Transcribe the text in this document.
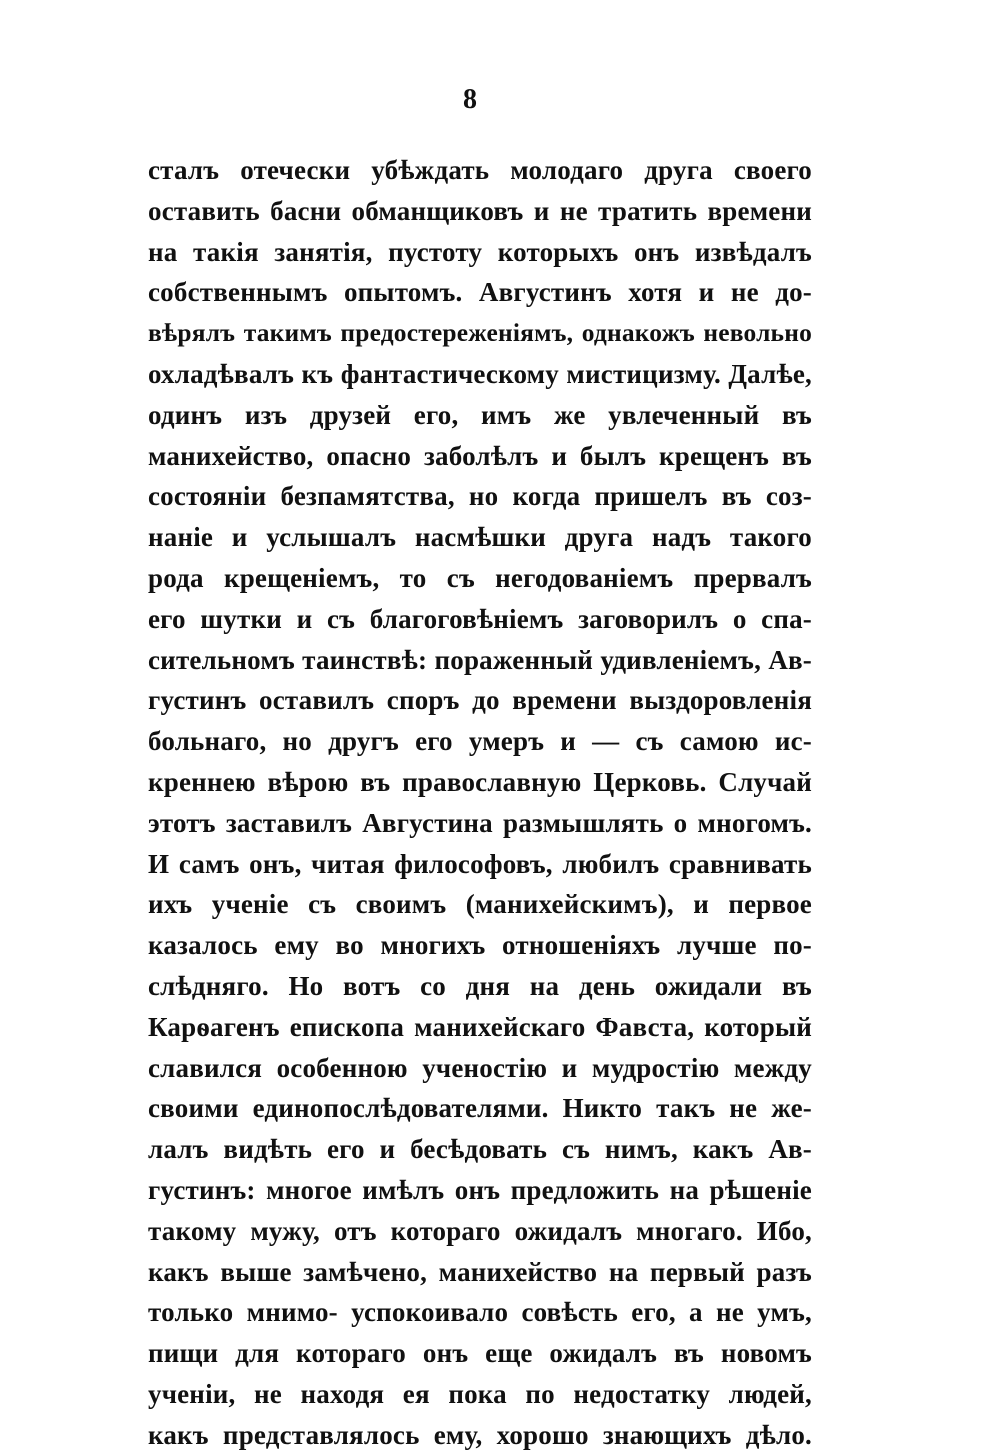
8
сталъ отечески убѣждать молодаго друга своего
оставить басни обманщиковъ и не тратить времени
на такія занятія, пустоту которыхъ онъ извѣдалъ
собственнымъ опытомъ. Августинъ хотя и не до-
вѣрялъ такимъ предостереженіямъ, однакожъ невольно
охладѣвалъ къ фантастическому мистицизму. Далѣе,
одинъ изъ друзей его, имъ же увлеченный въ
манихейство, опасно заболѣлъ и былъ крещенъ въ
состояніи безпамятства, но когда пришелъ въ соз-
наніе и услышалъ насмѣшки друга надъ такого
рода крещеніемъ, то съ негодованіемъ прервалъ
его шутки и съ благоговѣніемъ заговорилъ о спа-
сительномъ таинствѣ: пораженный удивленіемъ, Ав-
густинъ оставилъ споръ до времени выздоровленія
больнаго, но другъ его умеръ и — съ самою ис-
креннею вѣрою въ православную Церковь. Случай
этотъ заставилъ Августина размышлять о многомъ.
И самъ онъ, читая философовъ, любилъ сравнивать
ихъ ученіе съ своимъ (манихейскимъ), и первое
казалось ему во многихъ отношеніяхъ лучше по-
слѣдняго. Но вотъ со дня на день ожидали въ
Карѳагенъ епископа манихейскаго Фавста, который
славился особенною ученостію и мудростію между
своими единопослѣдователями. Никто такъ не же-
лалъ видѣть его и бесѣдовать съ нимъ, какъ Ав-
густинъ: многое имѣлъ онъ предложить на рѣшеніе
такому мужу, отъ котораго ожидалъ многаго. Ибо,
какъ выше замѣчено, манихейство на первый разъ
только мнимо- успокоивало совѣсть его, а не умъ,
пищи для котораго онъ еще ожидалъ въ новомъ
ученіи, не находя ея пока по недостатку людей,
какъ представлялось ему, хорошо знающихъ дѣло.
